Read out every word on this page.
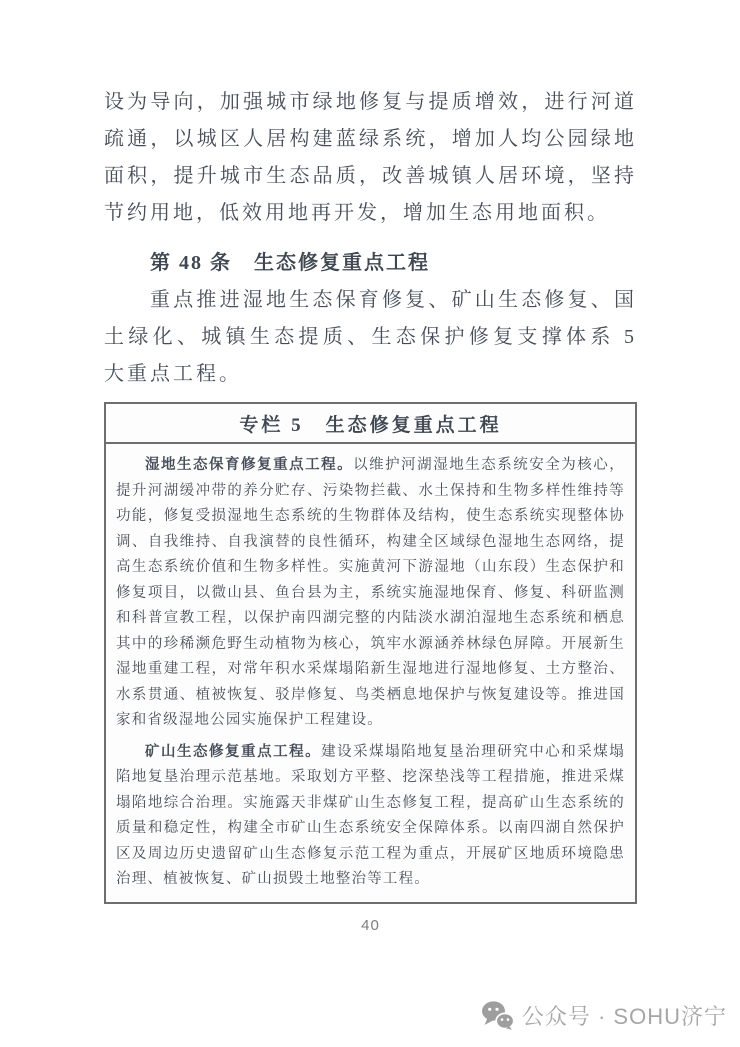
设为导向，加强城市绿地修复与提质增效，进行河道疏通，以城区人居构建蓝绿系统，增加人均公园绿地面积，提升城市生态品质，改善城镇人居环境，坚持节约用地，低效用地再开发，增加生态用地面积。

第 48 条　生态修复重点工程

重点推进湿地生态保育修复、矿山生态修复、国土绿化、城镇生态提质、生态保护修复支撑体系 5 大重点工程。

专栏 5　生态修复重点工程

湿地生态保育修复重点工程。以维护河湖湿地生态系统安全为核心，提升河湖缓冲带的养分贮存、污染物拦截、水土保持和生物多样性维持等功能，修复受损湿地生态系统的生物群体及结构，使生态系统实现整体协调、自我维持、自我演替的良性循环，构建全区域绿色湿地生态网络，提高生态系统价值和生物多样性。实施黄河下游湿地（山东段）生态保护和修复项目，以微山县、鱼台县为主，系统实施湿地保育、修复、科研监测和科普宣教工程，以保护南四湖完整的内陆淡水湖泊湿地生态系统和栖息其中的珍稀濒危野生动植物为核心，筑牢水源涵养林绿色屏障。开展新生湿地重建工程，对常年积水采煤塌陷新生湿地进行湿地修复、土方整治、水系贯通、植被恢复、驳岸修复、鸟类栖息地保护与恢复建设等。推进国家和省级湿地公园实施保护工程建设。

矿山生态修复重点工程。建设采煤塌陷地复垦治理研究中心和采煤塌陷地复垦治理示范基地。采取划方平整、挖深垫浅等工程措施，推进采煤塌陷地综合治理。实施露天非煤矿山生态修复工程，提高矿山生态系统的质量和稳定性，构建全市矿山生态系统安全保障体系。以南四湖自然保护区及周边历史遗留矿山生态修复示范工程为重点，开展矿区地质环境隐患治理、植被恢复、矿山损毁土地整治等工程。

40
公众号 · SOHU济宁
